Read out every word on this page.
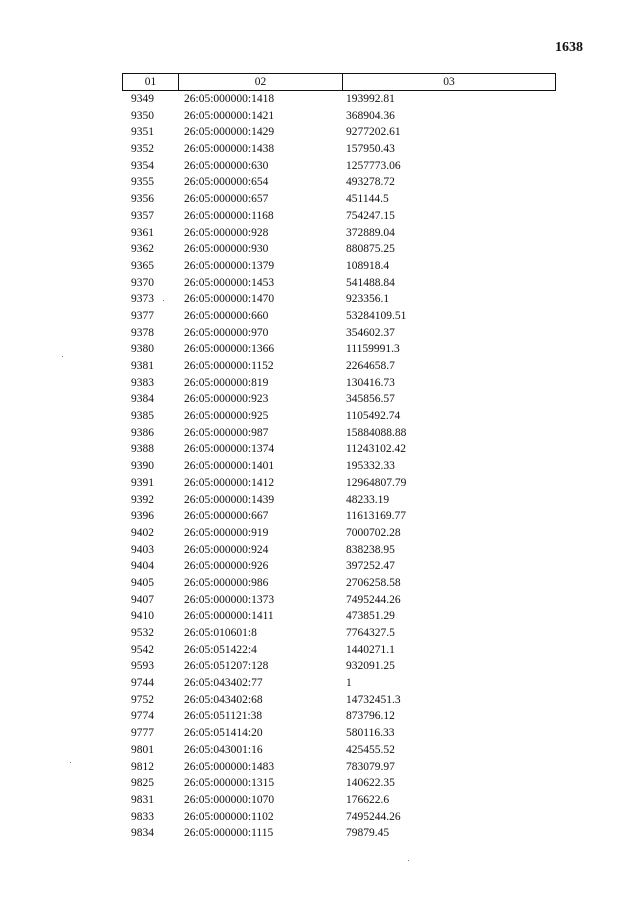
1638
01	02	03
9349	26:05:000000:1418	193992.81
9350	26:05:000000:1421	368904.36
9351	26:05:000000:1429	9277202.61
9352	26:05:000000:1438	157950.43
9354	26:05:000000:630	1257773.06
9355	26:05:000000:654	493278.72
9356	26:05:000000:657	451144.5
9357	26:05:000000:1168	754247.15
9361	26:05:000000:928	372889.04
9362	26:05:000000:930	880875.25
9365	26:05:000000:1379	108918.4
9370	26:05:000000:1453	541488.84
9373	26:05:000000:1470	923356.1
9377	26:05:000000:660	53284109.51
9378	26:05:000000:970	354602.37
9380	26:05:000000:1366	11159991.3
9381	26:05:000000:1152	2264658.7
9383	26:05:000000:819	130416.73
9384	26:05:000000:923	345856.57
9385	26:05:000000:925	1105492.74
9386	26:05:000000:987	15884088.88
9388	26:05:000000:1374	11243102.42
9390	26:05:000000:1401	195332.33
9391	26:05:000000:1412	12964807.79
9392	26:05:000000:1439	48233.19
9396	26:05:000000:667	11613169.77
9402	26:05:000000:919	7000702.28
9403	26:05:000000:924	838238.95
9404	26:05:000000:926	397252.47
9405	26:05:000000:986	2706258.58
9407	26:05:000000:1373	7495244.26
9410	26:05:000000:1411	473851.29
9532	26:05:010601:8	7764327.5
9542	26:05:051422:4	1440271.1
9593	26:05:051207:128	932091.25
9744	26:05:043402:77	1
9752	26:05:043402:68	14732451.3
9774	26:05:051121:38	873796.12
9777	26:05:051414:20	580116.33
9801	26:05:043001:16	425455.52
9812	26:05:000000:1483	783079.97
9825	26:05:000000:1315	140622.35
9831	26:05:000000:1070	176622.6
9833	26:05:000000:1102	7495244.26
9834	26:05:000000:1115	79879.45
